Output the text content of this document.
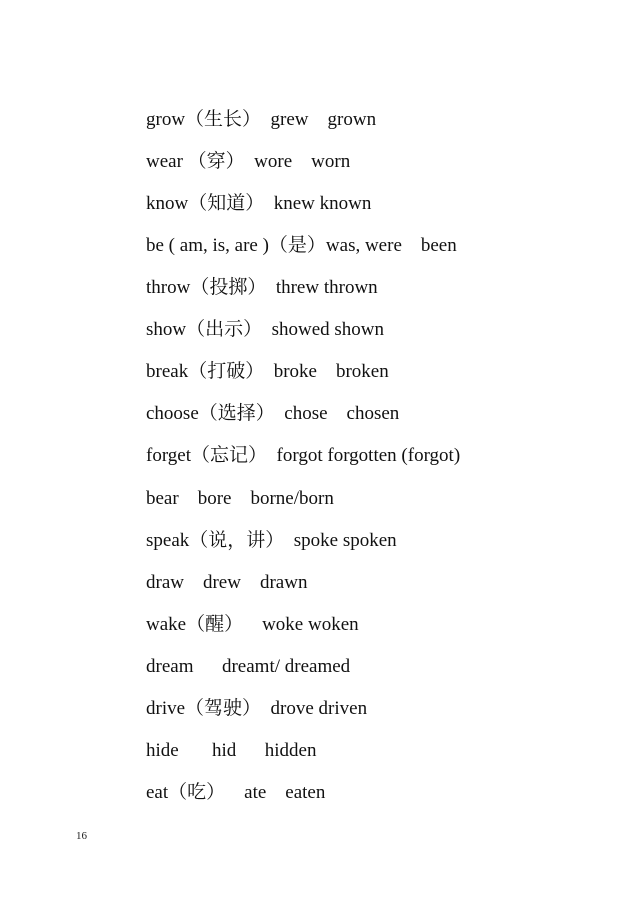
grow（生长）  grew    grown
wear （穿）  wore    worn
know（知道）  knew known
be ( am, is, are )（是）was, were    been
throw（投掷）  threw thrown
show（出示）  showed shown
break（打破）  broke    broken
choose（选择）  chose    chosen
forget（忘记）  forgot forgotten (forgot)
bear    bore    borne/born
speak（说，讲）  spoke spoken
draw    drew    drawn
wake（醒）    woke woken
dream      dreamt/ dreamed
drive（驾驶）  drove driven
hide       hid      hidden
eat（吃）    ate    eaten
16
